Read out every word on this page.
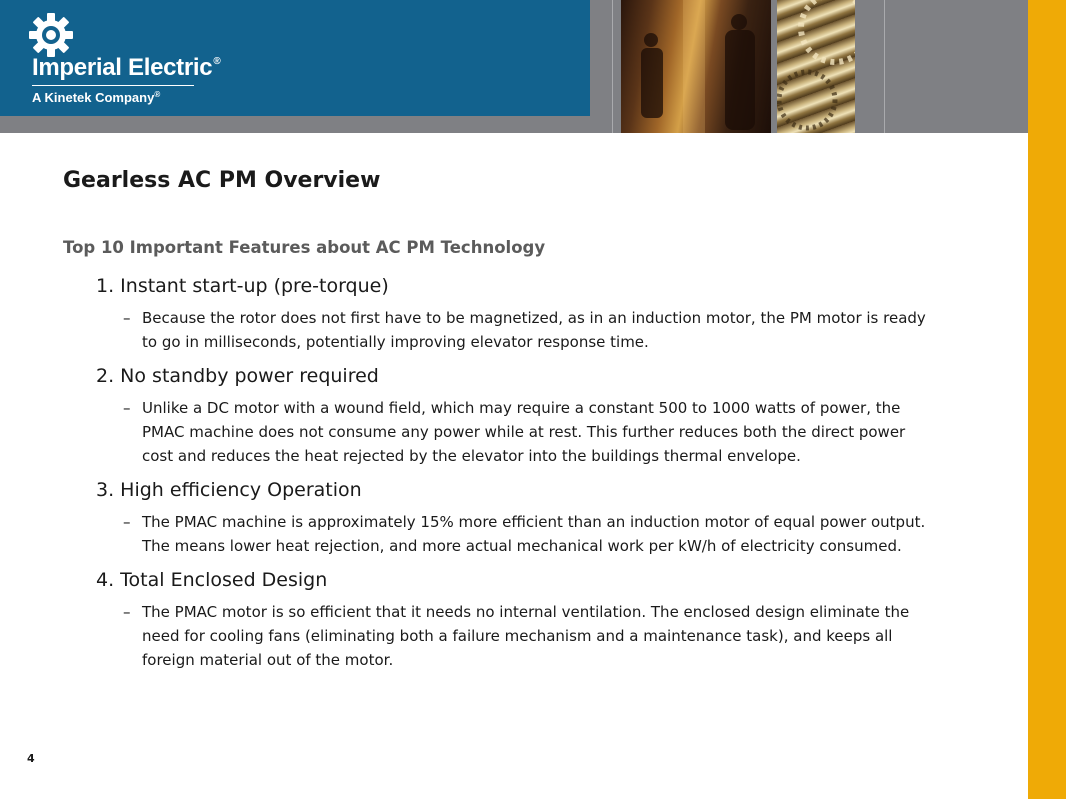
Imperial Electric®
A Kinetek Company®
Gearless AC PM Overview
Top 10 Important Features about AC PM Technology

1. Instant start-up (pre-torque)

– Because the rotor does not first have to be magnetized, as in an induction motor, the PM motor is ready to go in milliseconds, potentially improving elevator response time.

2. No standby power required

– Unlike a DC motor with a wound field, which may require a constant 500 to 1000 watts of power, the PMAC machine does not consume any power while at rest. This further reduces both the direct power cost and reduces the heat rejected by the elevator into the buildings thermal envelope.

3. High efficiency Operation

– The PMAC machine is approximately 15% more efficient than an induction motor of equal power output. The means lower heat rejection, and more actual mechanical work per kW/h of electricity consumed.

4. Total Enclosed Design

– The PMAC motor is so efficient that it needs no internal ventilation. The enclosed design eliminate the need for cooling fans (eliminating both a failure mechanism and a maintenance task), and keeps all foreign material out of the motor.

4
